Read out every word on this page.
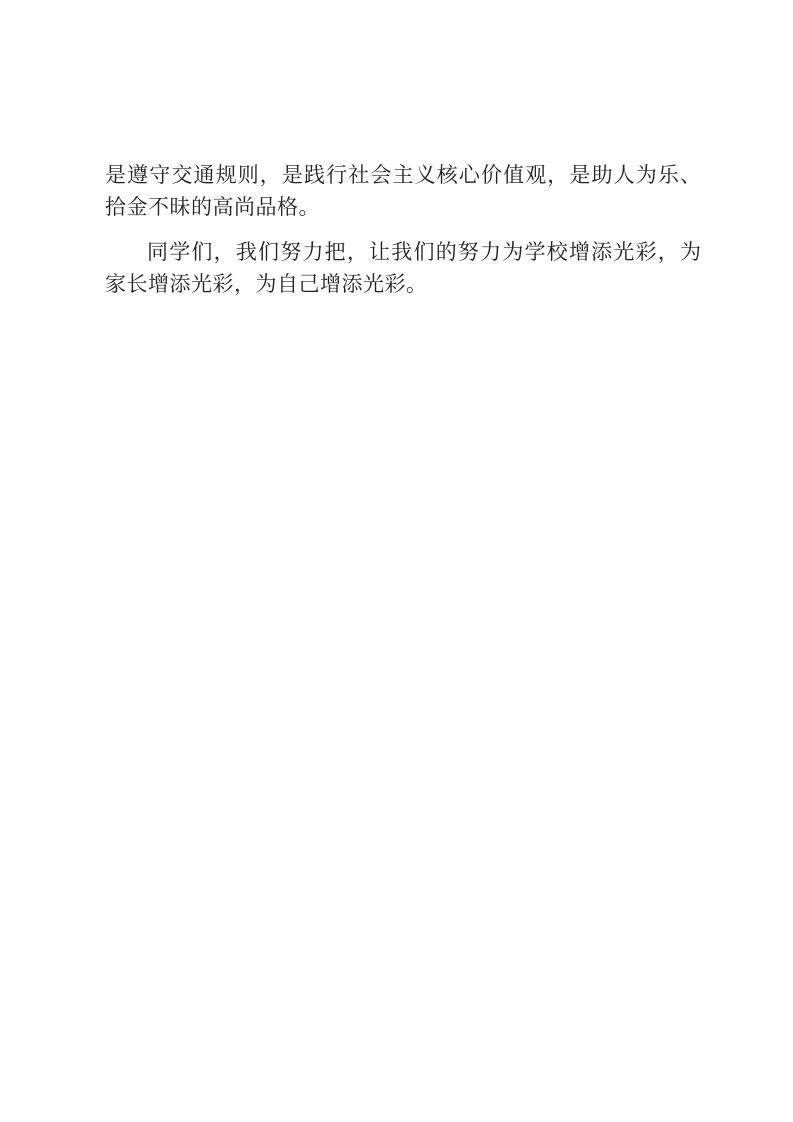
是遵守交通规则，是践行社会主义核心价值观，是助人为乐、
拾金不昧的高尚品格。

同学们，我们努力把，让我们的努力为学校增添光彩，为
家长增添光彩，为自己增添光彩。
